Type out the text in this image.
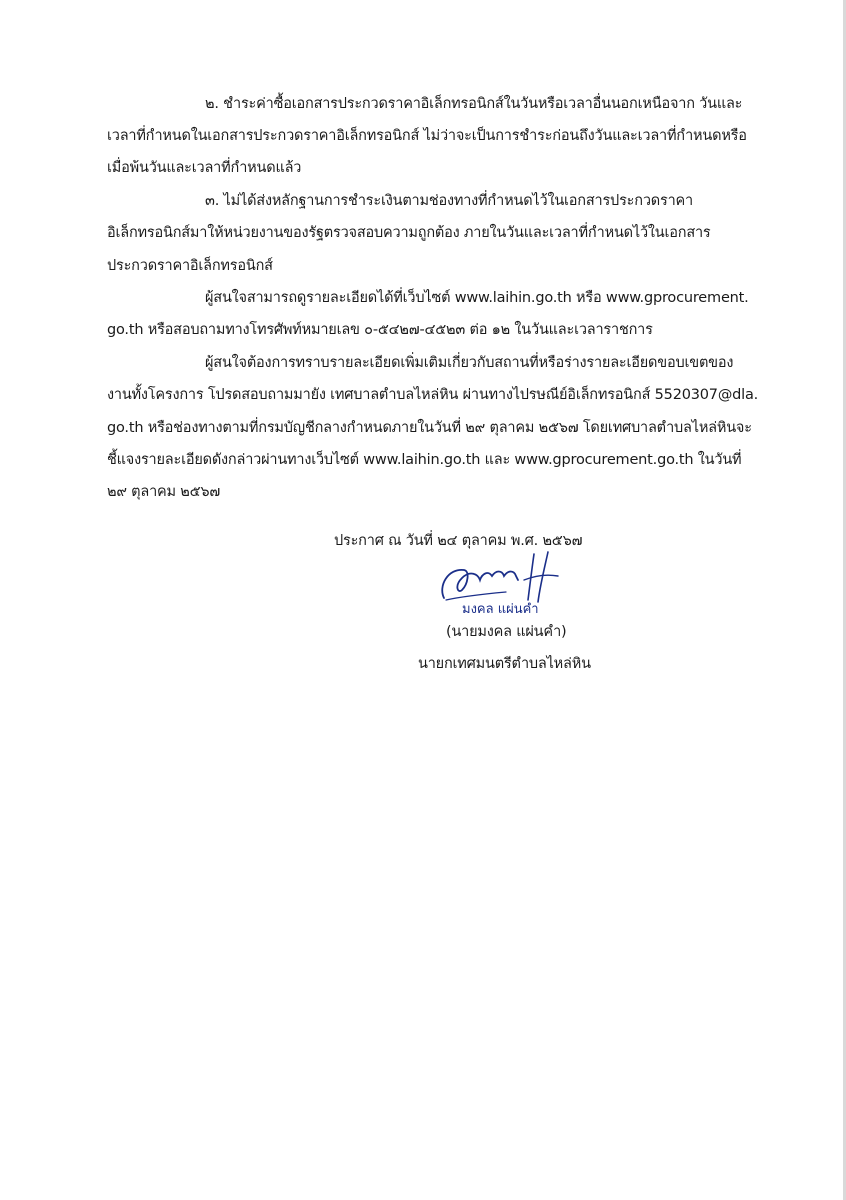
๒. ชำระค่าซื้อเอกสารประกวดราคาอิเล็กทรอนิกส์ในวันหรือเวลาอื่นนอกเหนือจาก วันและ
เวลาที่กำหนดในเอกสารประกวดราคาอิเล็กทรอนิกส์ ไม่ว่าจะเป็นการชำระก่อนถึงวันและเวลาที่กำหนดหรือ
เมื่อพ้นวันและเวลาที่กำหนดแล้ว
๓. ไม่ได้ส่งหลักฐานการชำระเงินตามช่องทางที่กำหนดไว้ในเอกสารประกวดราคา
อิเล็กทรอนิกส์มาให้หน่วยงานของรัฐตรวจสอบความถูกต้อง ภายในวันและเวลาที่กำหนดไว้ในเอกสาร
ประกวดราคาอิเล็กทรอนิกส์
ผู้สนใจสามารถดูรายละเอียดได้ที่เว็บไซต์ www.laihin.go.th หรือ www.gprocurement.
go.th หรือสอบถามทางโทรศัพท์หมายเลข ๐-๕๔๒๗-๔๕๒๓ ต่อ ๑๒ ในวันและเวลาราชการ
ผู้สนใจต้องการทราบรายละเอียดเพิ่มเติมเกี่ยวกับสถานที่หรือร่างรายละเอียดขอบเขตของ
งานทั้งโครงการ โปรดสอบถามมายัง เทศบาลตำบลไหล่หิน ผ่านทางไปรษณีย์อิเล็กทรอนิกส์ 5520307@dla.
go.th หรือช่องทางตามที่กรมบัญชีกลางกำหนดภายในวันที่ ๒๙ ตุลาคม ๒๕๖๗ โดยเทศบาลตำบลไหล่หินจะ
ชี้แจงรายละเอียดดังกล่าวผ่านทางเว็บไซต์ www.laihin.go.th และ www.gprocurement.go.th ในวันที่
๒๙ ตุลาคม ๒๕๖๗
ประกาศ ณ วันที่ ๒๔ ตุลาคม พ.ศ. ๒๕๖๗
มงคล แผ่นคำ
(นายมงคล แผ่นคำ)
นายกเทศมนตรีตำบลไหล่หิน
